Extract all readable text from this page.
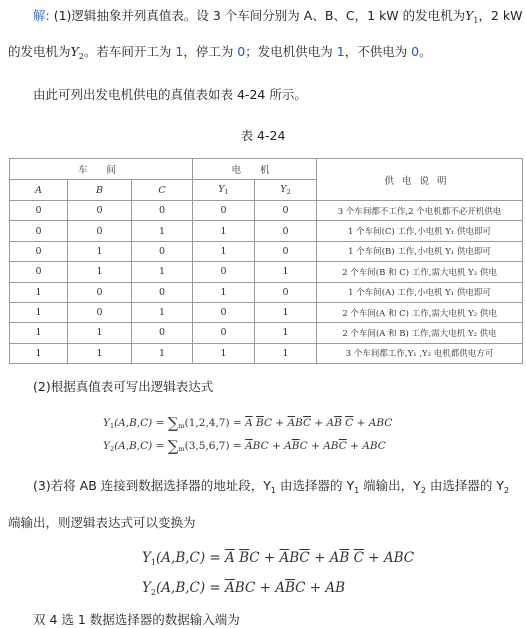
解: (1)逻辑抽象并列真值表。设 3 个车间分别为 A、B、C，1 kW 的发电机为$Y_1$，2 kW
的发电机为$Y_2$。若车间开工为 1，停工为 0；发电机供电为 1，不供电为 0。
由此可列出发电机供电的真值表如表 4-24 所示。
表 4-24
车 间			电 机		供电说明
A	B	C	$Y_1$	$Y_2$
0	0	0	0	0	3 个车间都不工作,2 个电机都不必开机供电
0	0	1	1	0	1 个车间(C) 工作,小电机 Y₁ 供电即可
0	1	0	1	0	1 个车间(B) 工作,小电机 Y₁ 供电即可
0	1	1	0	1	2 个车间(B 和 C) 工作,需大电机 Y₂ 供电
1	0	0	1	0	1 个车间(A) 工作,小电机 Y₁ 供电即可
1	0	1	0	1	2 个车间(A 和 C) 工作,需大电机 Y₂ 供电
1	1	0	0	1	2 个车间(A 和 B) 工作,需大电机 Y₂ 供电
1	1	1	1	1	3 个车间都工作,Y₁ ,Y₂ 电机都供电方可
(2)根据真值表可写出逻辑表达式
$Y1(A,B,C) = \sum m(1,2,4,7) = \overline{A}$ $\overline{B}C + \overline{A}B\overline{C} + A\overline{B}$ $\overline{C}$ + ABC
$Y2(A,B,C) = \sum m(3,5,6,7) = \overline{A}BC + A\overline{B}C + AB\overline{C}$ + ABC
(3)若将 AB 连接到数据选择器的地址段，$Y_1$ 由选择器的 $Y_1$ 端输出，$Y_2$ 由选择器的 $Y_2$
端输出，则逻辑表达式可以变换为
$Y_1(A,B,C) = \overline{A}$ $\overline{B}C + \overline{A}B\overline{C} + A\overline{B}$ $\overline{C}$ + ABC
$Y_2(A,B,C) = \overline{A}BC + A\overline{B}C$ + AB
双 4 选 1 数据选择器的数据输入端为
